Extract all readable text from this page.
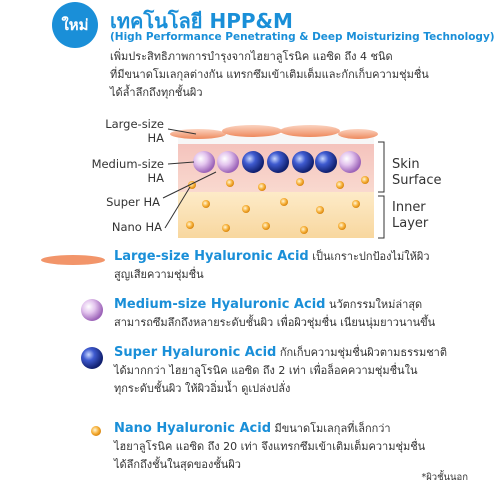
ใหม่	เทคโนโลยี HPP&M
(High Performance Penetrating & Deep Moisturizing Technology)
เพิ่มประสิทธิภาพการบำรุงจากไฮยาลูโรนิค แอซิด ถึง 4 ชนิด
ที่มีขนาดโมเลกุลต่างกัน แทรกซึมเข้าเติมเต็มและกักเก็บความชุ่มชื่น
ได้ล้ำลึกถึงทุกชั้นผิว
Large-size
HA
Medium-size
HA
Super HA
Nano HA
Skin
Surface
Inner
Layer
Large-size Hyaluronic Acid เป็นเกราะปกป้องไม่ให้ผิว
สูญเสียความชุ่มชื่น
Medium-size Hyaluronic Acid นวัตกรรมใหม่ล่าสุด
สามารถซึมลึกถึงหลายระดับชั้นผิว เพื่อผิวชุ่มชื่น เนียนนุ่มยาวนานขึ้น
Super Hyaluronic Acid กักเก็บความชุ่มชื่นผิวตามธรรมชาติ
ได้มากกว่า ไฮยาลูโรนิค แอซิด ถึง 2 เท่า เพื่อล็อคความชุ่มชื่นใน
ทุกระดับชั้นผิว ให้ผิวอิ่มน้ำ ดูเปล่งปลั่ง
Nano Hyaluronic Acid มีขนาดโมเลกุลที่เล็กกว่า
ไฮยาลูโรนิค แอซิด ถึง 20 เท่า จึงแทรกซึมเข้าเติมเต็มความชุ่มชื่น
ได้ลึกถึงชั้นในสุดของชั้นผิว
*ผิวชั้นนอก
